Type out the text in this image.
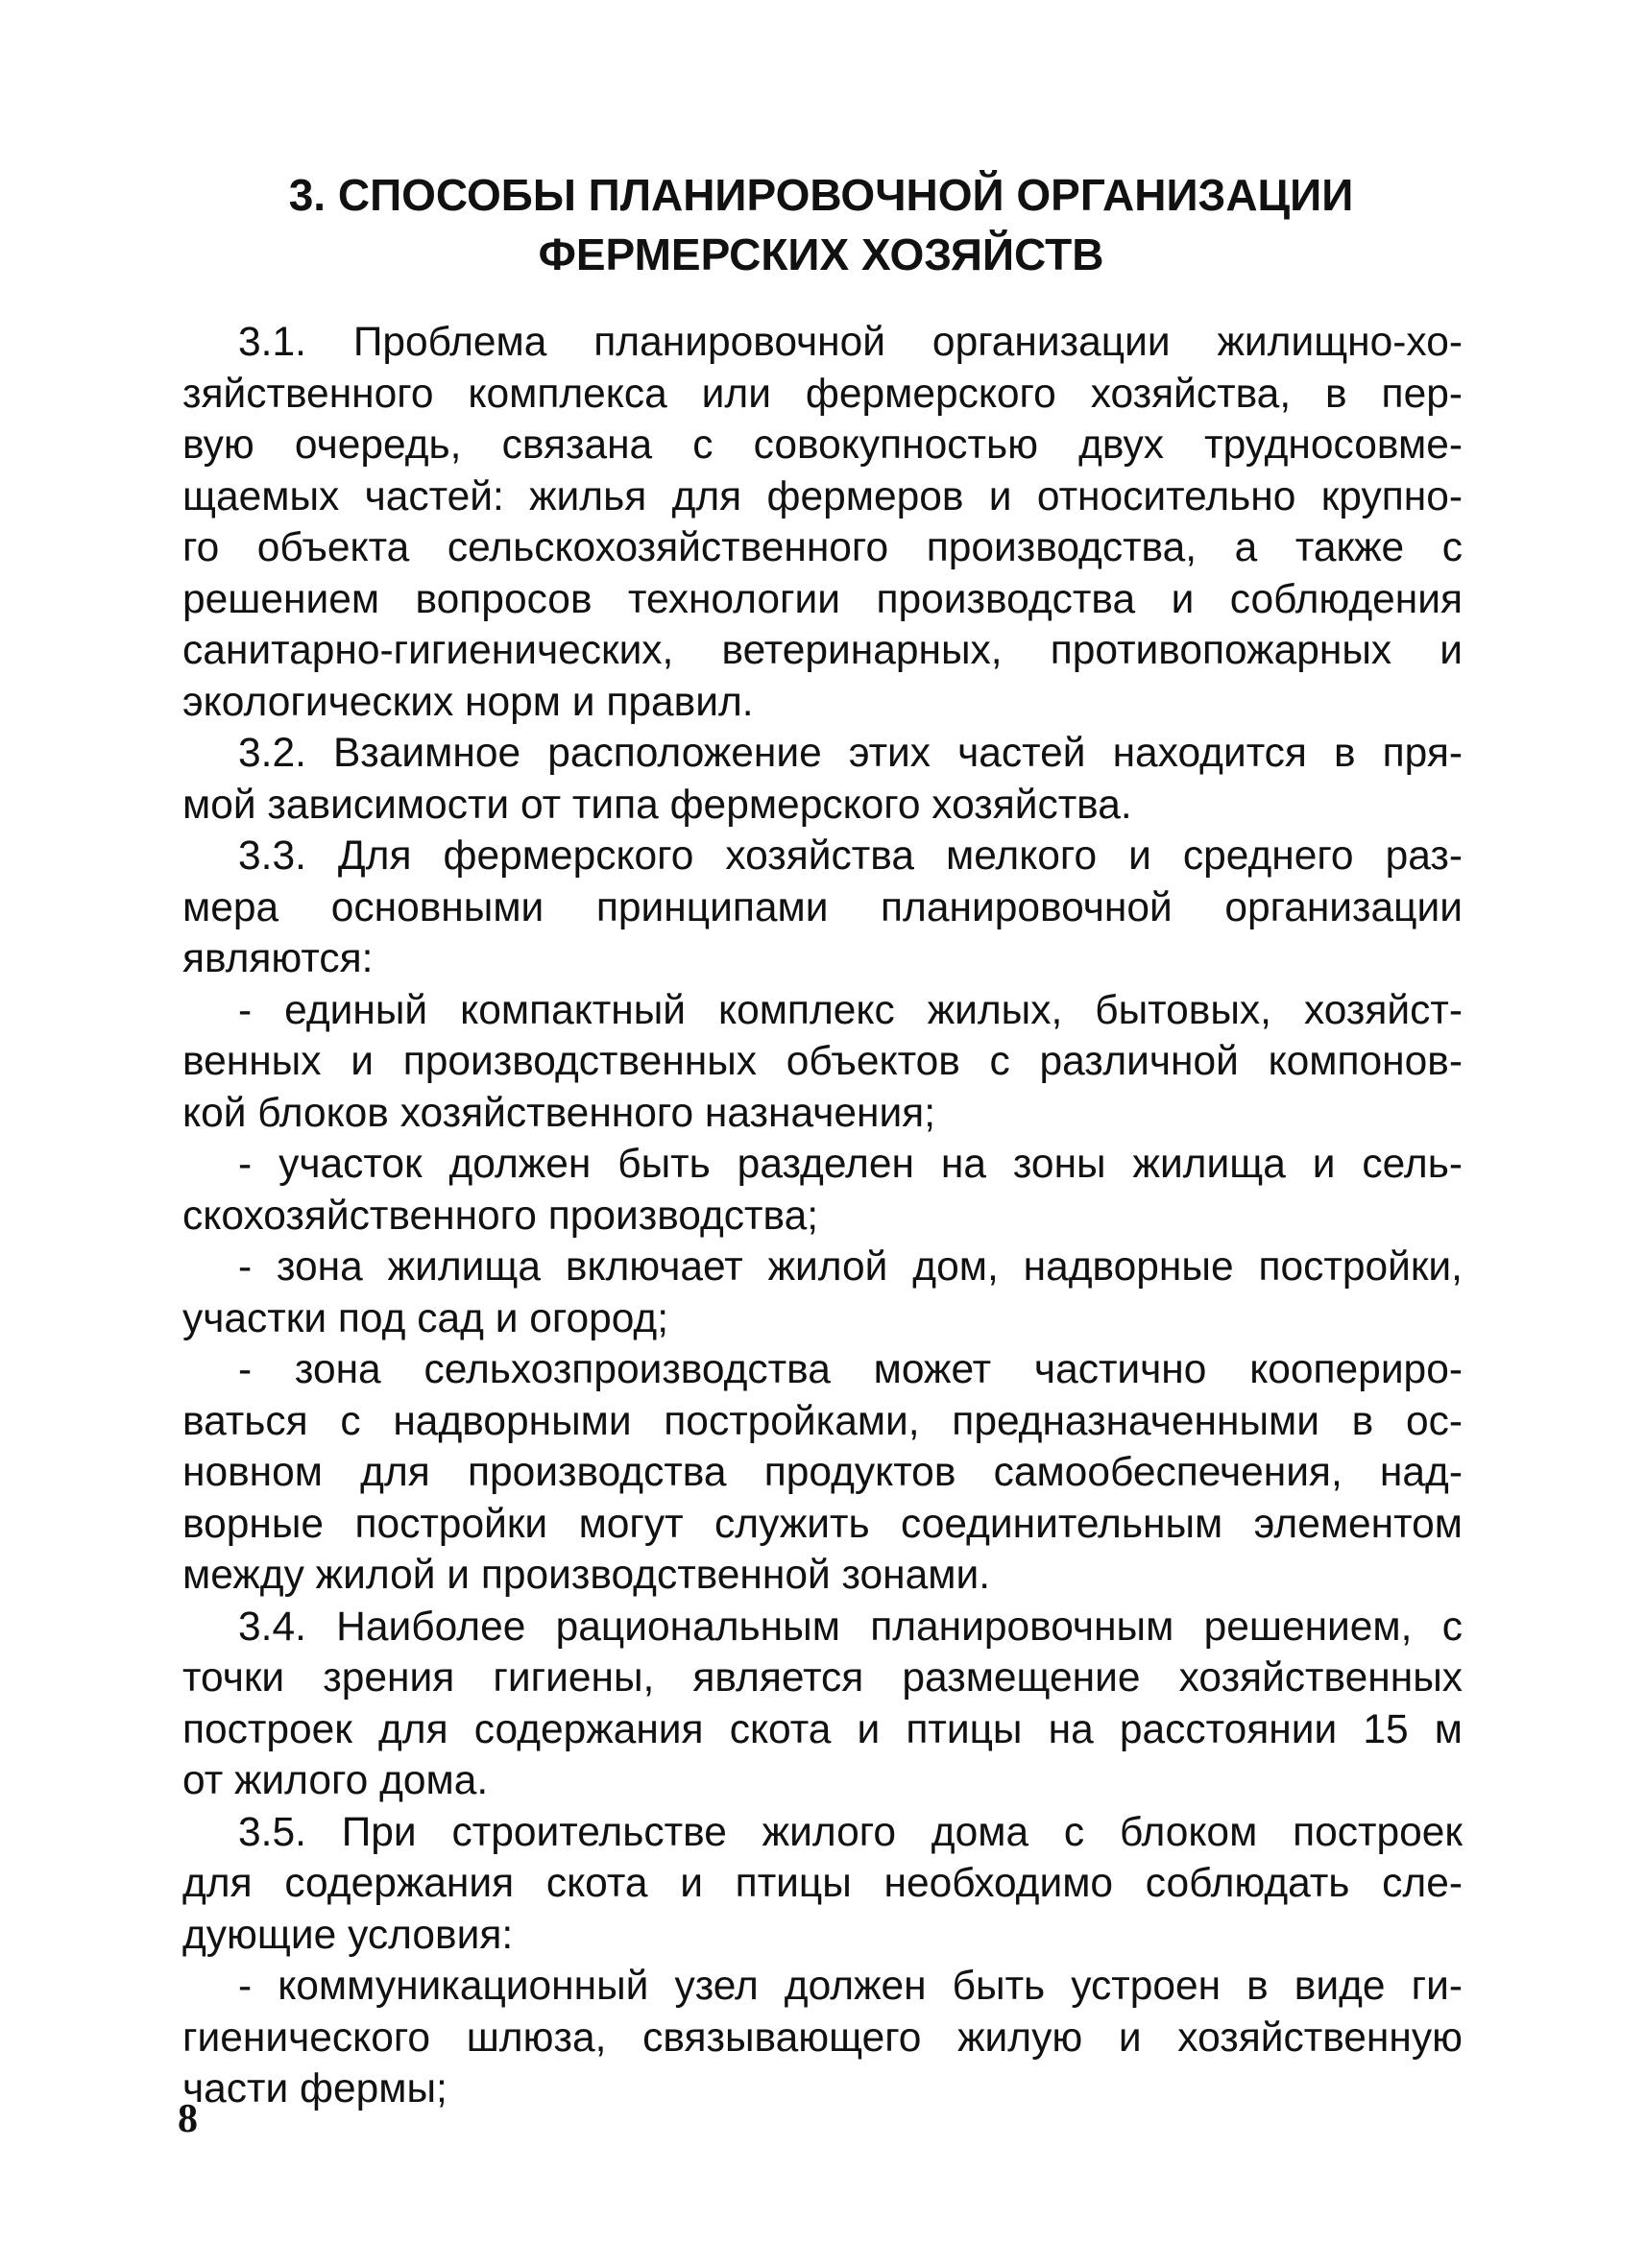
3. СПОСОБЫ ПЛАНИРОВОЧНОЙ ОРГАНИЗАЦИИ
ФЕРМЕРСКИХ ХОЗЯЙСТВ
3.1. Проблема планировочной организации жилищно-хо-
зяйственного комплекса или фермерского хозяйства, в пер-
вую очередь, связана с совокупностью двух трудносовме-
щаемых частей: жилья для фермеров и относительно крупно-
го объекта сельскохозяйственного производства, а также с
решением вопросов технологии производства и соблюдения
санитарно-гигиенических, ветеринарных, противопожарных и
экологических норм и правил.
3.2. Взаимное расположение этих частей находится в пря-
мой зависимости от типа фермерского хозяйства.
3.3. Для фермерского хозяйства мелкого и среднего раз-
мера основными принципами планировочной организации
являются:
- единый компактный комплекс жилых, бытовых, хозяйст-
венных и производственных объектов с различной компонов-
кой блоков хозяйственного назначения;
- участок должен быть разделен на зоны жилища и сель-
скохозяйственного производства;
- зона жилища включает жилой дом, надворные постройки,
участки под сад и огород;
- зона сельхозпроизводства может частично коопериро-
ваться с надворными постройками, предназначенными в ос-
новном для производства продуктов самообеспечения, над-
ворные постройки могут служить соединительным элементом
между жилой и производственной зонами.
3.4. Наиболее рациональным планировочным решением, с
точки зрения гигиены, является размещение хозяйственных
построек для содержания скота и птицы на расстоянии 15 м
от жилого дома.
3.5. При строительстве жилого дома с блоком построек
для содержания скота и птицы необходимо соблюдать сле-
дующие условия:
- коммуникационный узел должен быть устроен в виде ги-
гиенического шлюза, связывающего жилую и хозяйственную
части фермы;
8
